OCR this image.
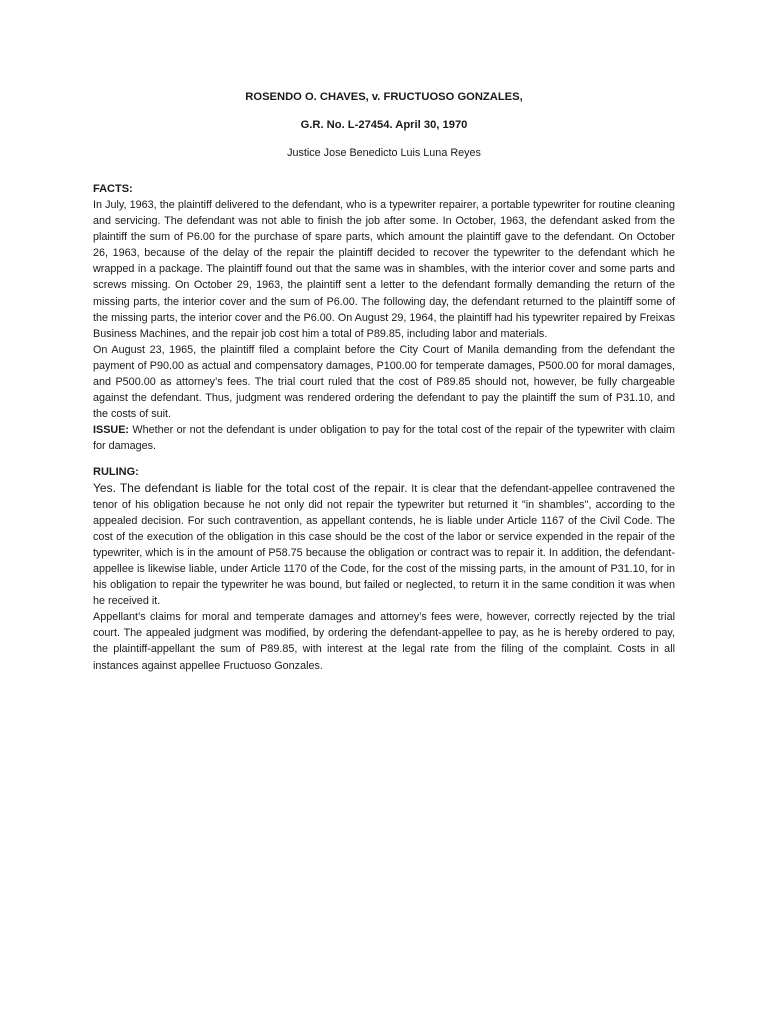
ROSENDO O. CHAVES, v. FRUCTUOSO GONZALES,

G.R. No. L-27454. April 30, 1970

Justice Jose Benedicto Luis Luna Reyes

FACTS:

In July, 1963, the plaintiff delivered to the defendant, who is a typewriter repairer, a portable typewriter for routine cleaning and servicing. The defendant was not able to finish the job after some. In October, 1963, the defendant asked from the plaintiff the sum of P6.00 for the purchase of spare parts, which amount the plaintiff gave to the defendant. On October 26, 1963, because of the delay of the repair the plaintiff decided to recover the typewriter to the defendant which he wrapped in a package. The plaintiff found out that the same was in shambles, with the interior cover and some parts and screws missing. On October 29, 1963, the plaintiff sent a letter to the defendant formally demanding the return of the missing parts, the interior cover and the sum of P6.00. The following day, the defendant returned to the plaintiff some of the missing parts, the interior cover and the P6.00. On August 29, 1964, the plaintiff had his typewriter repaired by Freixas Business Machines, and the repair job cost him a total of P89.85, including labor and materials.

On August 23, 1965, the plaintiff filed a complaint before the City Court of Manila demanding from the defendant the payment of P90.00 as actual and compensatory damages, P100.00 for temperate damages, P500.00 for moral damages, and P500.00 as attorney’s fees. The trial court ruled that the cost of P89.85 should not, however, be fully chargeable against the defendant. Thus, judgment was rendered ordering the defendant to pay the plaintiff the sum of P31.10, and the costs of suit.

ISSUE: Whether or not the defendant is under obligation to pay for the total cost of the repair of the typewriter with claim for damages.

RULING:

Yes. The defendant is liable for the total cost of the repair. It is clear that the defendant-appellee contravened the tenor of his obligation because he not only did not repair the typewriter but returned it "in shambles", according to the appealed decision. For such contravention, as appellant contends, he is liable under Article 1167 of the Civil Code. The cost of the execution of the obligation in this case should be the cost of the labor or service expended in the repair of the typewriter, which is in the amount of P58.75 because the obligation or contract was to repair it. In addition, the defendant-appellee is likewise liable, under Article 1170 of the Code, for the cost of the missing parts, in the amount of P31.10, for in his obligation to repair the typewriter he was bound, but failed or neglected, to return it in the same condition it was when he received it.

Appellant’s claims for moral and temperate damages and attorney’s fees were, however, correctly rejected by the trial court. The appealed judgment was modified, by ordering the defendant-appellee to pay, as he is hereby ordered to pay, the plaintiff-appellant the sum of P89.85, with interest at the legal rate from the filing of the complaint. Costs in all instances against appellee Fructuoso Gonzales.
